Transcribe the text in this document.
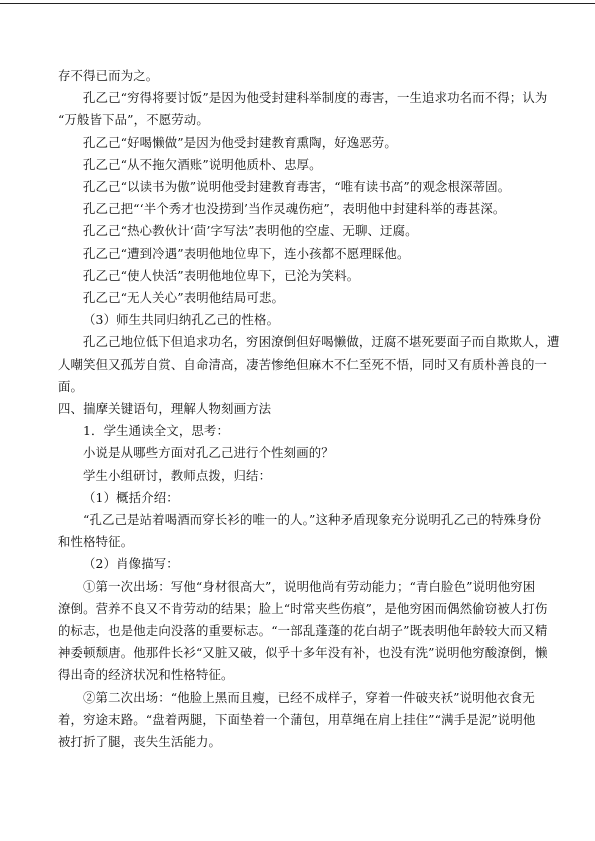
存不得已而为之。

孔乙己“穷得将要讨饭”是因为他受封建科举制度的毒害，一生追求功名而不得；认为

“万般皆下品”，不愿劳动。

孔乙己“好喝懒做”是因为他受封建教育熏陶，好逸恶劳。

孔乙己“从不拖欠酒账”说明他质朴、忠厚。

孔乙己“以读书为傲”说明他受封建教育毒害，“唯有读书高”的观念根深蒂固。

孔乙己把“‘半个秀才也没捞到’当作灵魂伤疤”，表明他中封建科举的毒甚深。

孔乙己“热心教伙计‘茴’字写法”表明他的空虚、无聊、迂腐。

孔乙己“遭到冷遇”表明他地位卑下，连小孩都不愿理睬他。

孔乙己“使人快活”表明他地位卑下，已沦为笑料。

孔乙己“无人关心”表明他结局可悲。

（3）师生共同归纳孔乙己的性格。

孔乙己地位低下但追求功名，穷困潦倒但好喝懒做，迂腐不堪死要面子而自欺欺人，遭

人嘲笑但又孤芳自赏、自命清高，凄苦惨绝但麻木不仁至死不悟，同时又有质朴善良的一

面。

四、揣摩关键语句，理解人物刻画方法

1．学生通读全文，思考：

小说是从哪些方面对孔乙己进行个性刻画的？

学生小组研讨，教师点拨，归结：

（1）概括介绍：

“孔乙己是站着喝酒而穿长衫的唯一的人。”这种矛盾现象充分说明孔乙己的特殊身份

和性格特征。

（2）肖像描写：

①第一次出场：写他“身材很高大”，说明他尚有劳动能力；“青白脸色”说明他穷困

潦倒。营养不良又不肯劳动的结果；脸上“时常夹些伤痕”，是他穷困而偶然偷窃被人打伤

的标志，也是他走向没落的重要标志。“一部乱蓬蓬的花白胡子”既表明他年龄较大而又精

神委顿颓唐。他那件长衫“又脏又破，似乎十多年没有补，也没有洗”说明他穷酸潦倒，懒

得出奇的经济状况和性格特征。

②第二次出场：“他脸上黑而且瘦，已经不成样子，穿着一件破夹袄”说明他衣食无

着，穷途末路。“盘着两腿，下面垫着一个蒲包，用草绳在肩上挂住”“满手是泥”说明他

被打折了腿，丧失生活能力。
